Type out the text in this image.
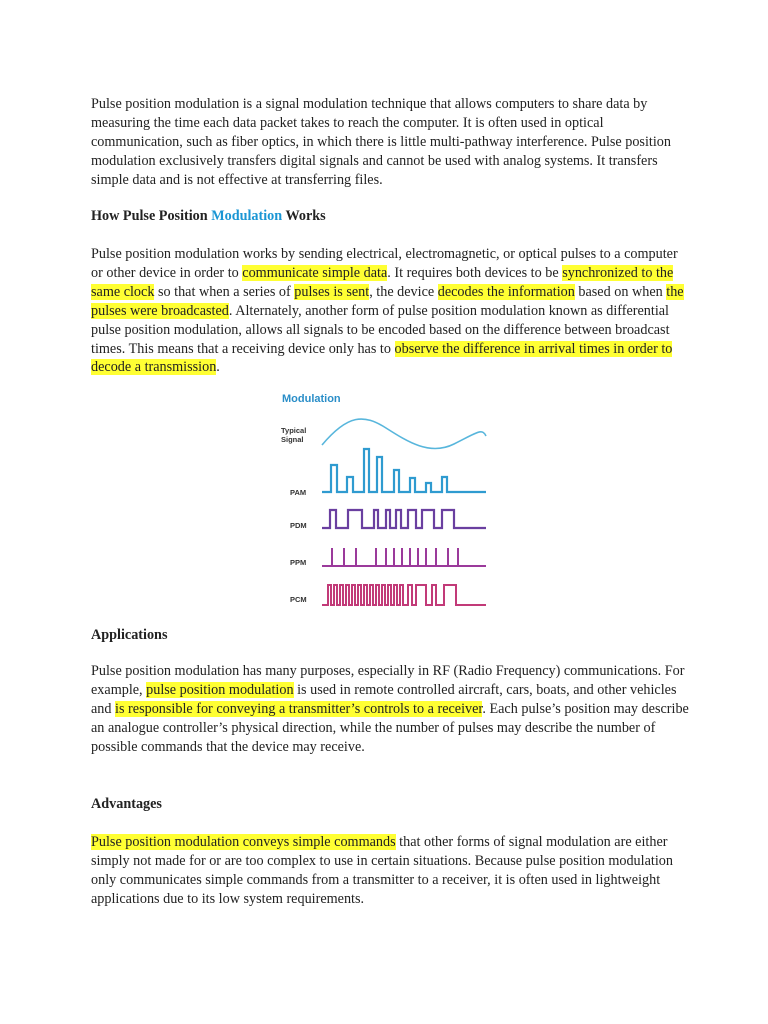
Pulse position modulation is a signal modulation technique that allows computers to share data by measuring the time each data packet takes to reach the computer. It is often used in optical communication, such as fiber optics, in which there is little multi-pathway interference. Pulse position modulation exclusively transfers digital signals and cannot be used with analog systems. It transfers simple data and is not effective at transferring files.

How Pulse Position Modulation Works

Pulse position modulation works by sending electrical, electromagnetic, or optical pulses to a computer or other device in order to communicate simple data. It requires both devices to be synchronized to the same clock so that when a series of pulses is sent, the device decodes the information based on when the pulses were broadcasted. Alternately, another form of pulse position modulation known as differential pulse position modulation, allows all signals to be encoded based on the difference between broadcast times. This means that a receiving device only has to observe the difference in arrival times in order to decode a transmission.

Modulation
Typical
Signal
PAM
PDM
PPM
PCM
Applications

Pulse position modulation has many purposes, especially in RF (Radio Frequency) communications. For example, pulse position modulation is used in remote controlled aircraft, cars, boats, and other vehicles and is responsible for conveying a transmitter’s controls to a receiver. Each pulse’s position may describe an analogue controller’s physical direction, while the number of pulses may describe the number of possible commands that the device may receive.

Advantages

Pulse position modulation conveys simple commands that other forms of signal modulation are either simply not made for or are too complex to use in certain situations. Because pulse position modulation only communicates simple commands from a transmitter to a receiver, it is often used in lightweight applications due to its low system requirements.
